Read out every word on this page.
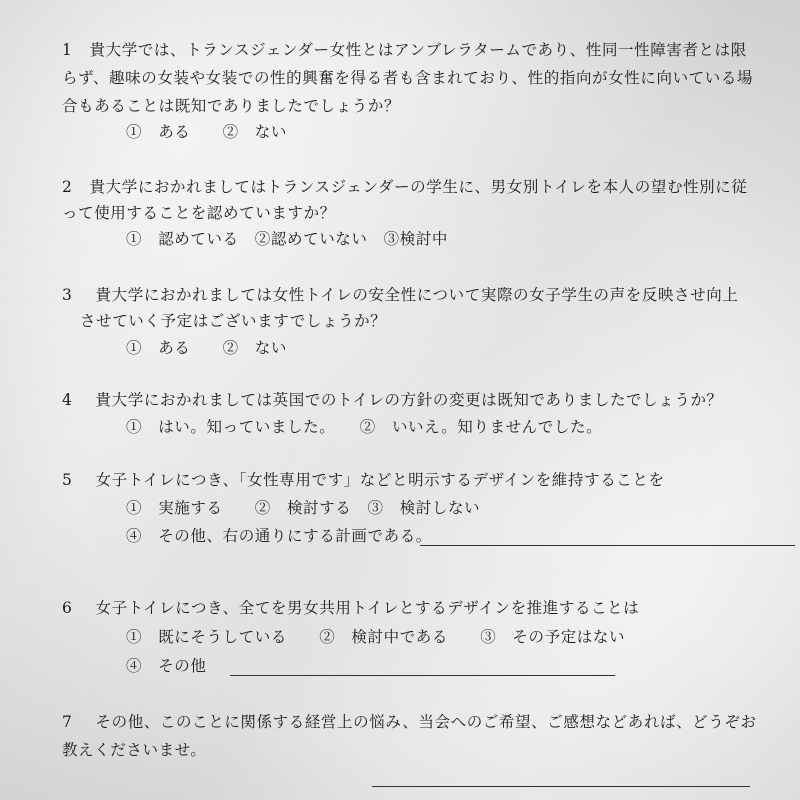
1 貴大学では、トランスジェンダー女性とはアンブレラタームであり、性同一性障害者とは限
らず、趣味の女装や女装での性的興奮を得る者も含まれており、性的指向が女性に向いている場
合もあることは既知でありましたでしょうか？
①　ある　　②　ない
2 貴大学におかれましてはトランスジェンダーの学生に、男女別トイレを本人の望む性別に従
って使用することを認めていますか？
①　認めている　②認めていない　③検討中
3 貴大学におかれましては女性トイレの安全性について実際の女子学生の声を反映させ向上
させていく予定はございますでしょうか？
①　ある　　②　ない
4 貴大学におかれましては英国でのトイレの方針の変更は既知でありましたでしょうか？
①　はい。知っていました。　　②　いいえ。知りませんでした。
5 女子トイレにつき、「女性専用です」などと明示するデザインを維持することを
①　実施する　　②　検討する　③　検討しない
④　その他、右の通りにする計画である。
6 女子トイレにつき、全てを男女共用トイレとするデザインを推進することは
①　既にそうしている　　②　検討中である　　③　その予定はない
④　その他
7 その他、このことに関係する経営上の悩み、当会へのご希望、ご感想などあれば、どうぞお
教えくださいませ。
